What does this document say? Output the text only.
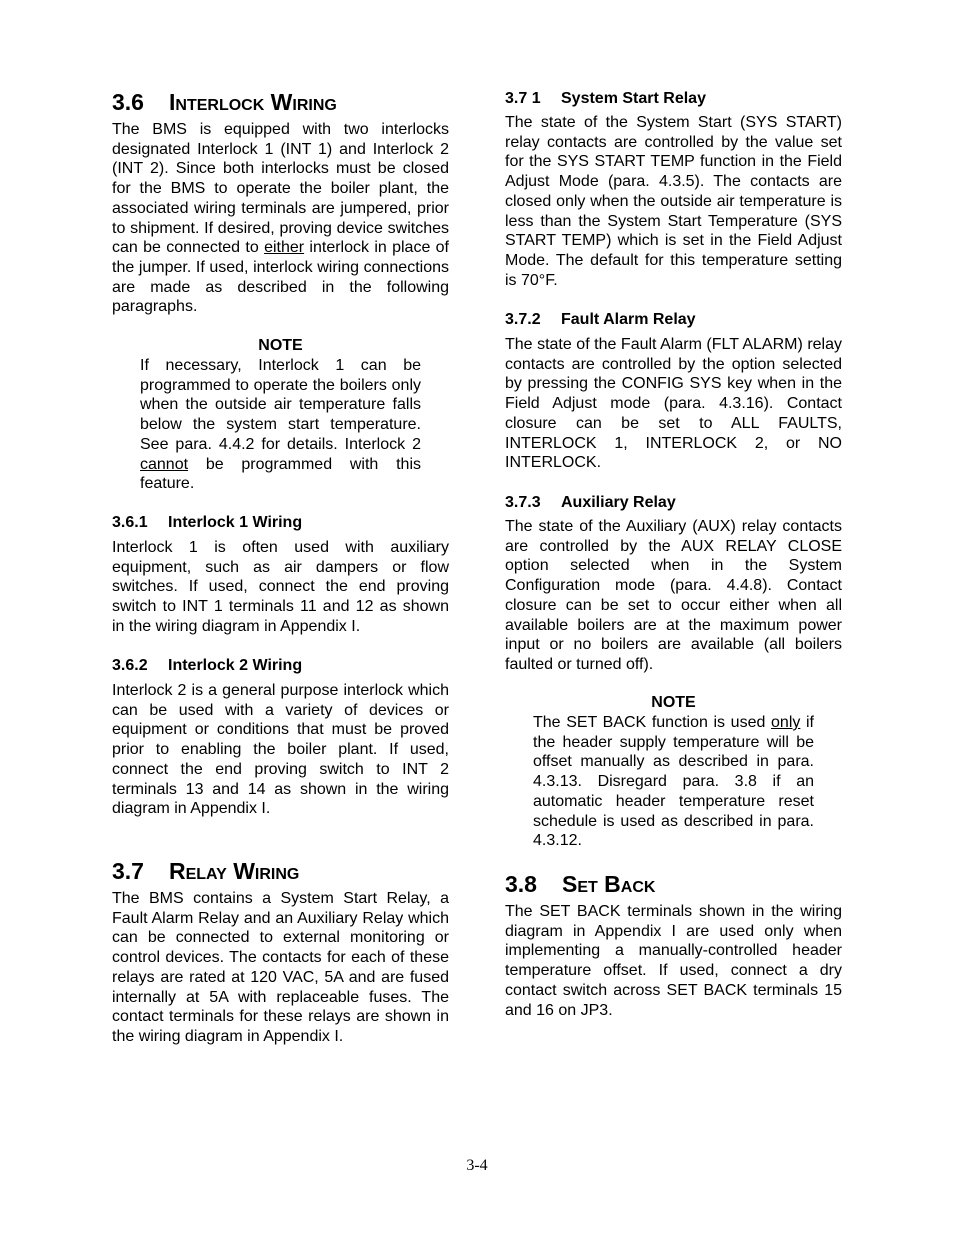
3.6 Interlock Wiring

The BMS is equipped with two interlocks designated Interlock 1 (INT 1) and Interlock 2 (INT 2). Since both interlocks must be closed for the BMS to operate the boiler plant, the associated wiring terminals are jumpered, prior to shipment. If desired, proving device switches can be connected to either interlock in place of the jumper. If used, interlock wiring connections are made as described in the following paragraphs.

NOTE

If necessary, Interlock 1 can be programmed to operate the boilers only when the outside air temperature falls below the system start temperature. See para. 4.4.2 for details. Interlock 2 cannot be programmed with this feature.

3.6.1 Interlock 1 Wiring

Interlock 1 is often used with auxiliary equipment, such as air dampers or flow switches. If used, connect the end proving switch to INT 1 terminals 11 and 12 as shown in the wiring diagram in Appendix I.

3.6.2 Interlock 2 Wiring

Interlock 2 is a general purpose interlock which can be used with a variety of devices or equipment or conditions that must be proved prior to enabling the boiler plant. If used, connect the end proving switch to INT 2 terminals 13 and 14 as shown in the wiring diagram in Appendix I.

3.7 Relay Wiring

The BMS contains a System Start Relay, a Fault Alarm Relay and an Auxiliary Relay which can be connected to external monitoring or control devices. The contacts for each of these relays are rated at 120 VAC, 5A and are fused internally at 5A with replaceable fuses. The contact terminals for these relays are shown in the wiring diagram in Appendix I.

3.7 1 System Start Relay

The state of the System Start (SYS START) relay contacts are controlled by the value set for the SYS START TEMP function in the Field Adjust Mode (para. 4.3.5). The contacts are closed only when the outside air temperature is less than the System Start Temperature (SYS START TEMP) which is set in the Field Adjust Mode. The default for this temperature setting is 70°F.

3.7.2 Fault Alarm Relay

The state of the Fault Alarm (FLT ALARM) relay contacts are controlled by the option selected by pressing the CONFIG SYS key when in the Field Adjust mode (para. 4.3.16). Contact closure can be set to ALL FAULTS, INTERLOCK 1, INTERLOCK 2, or NO INTERLOCK.

3.7.3 Auxiliary Relay

The state of the Auxiliary (AUX) relay contacts are controlled by the AUX RELAY CLOSE option selected when in the System Configuration mode (para. 4.4.8). Contact closure can be set to occur either when all available boilers are at the maximum power input or no boilers are available (all boilers faulted or turned off).

NOTE

The SET BACK function is used only if the header supply temperature will be offset manually as described in para. 4.3.13. Disregard para. 3.8 if an automatic header temperature reset schedule is used as described in para. 4.3.12.

3.8 Set Back

The SET BACK terminals shown in the wiring diagram in Appendix I are used only when implementing a manually-controlled header temperature offset. If used, connect a dry contact switch across SET BACK terminals 15 and 16 on JP3.

3-4
